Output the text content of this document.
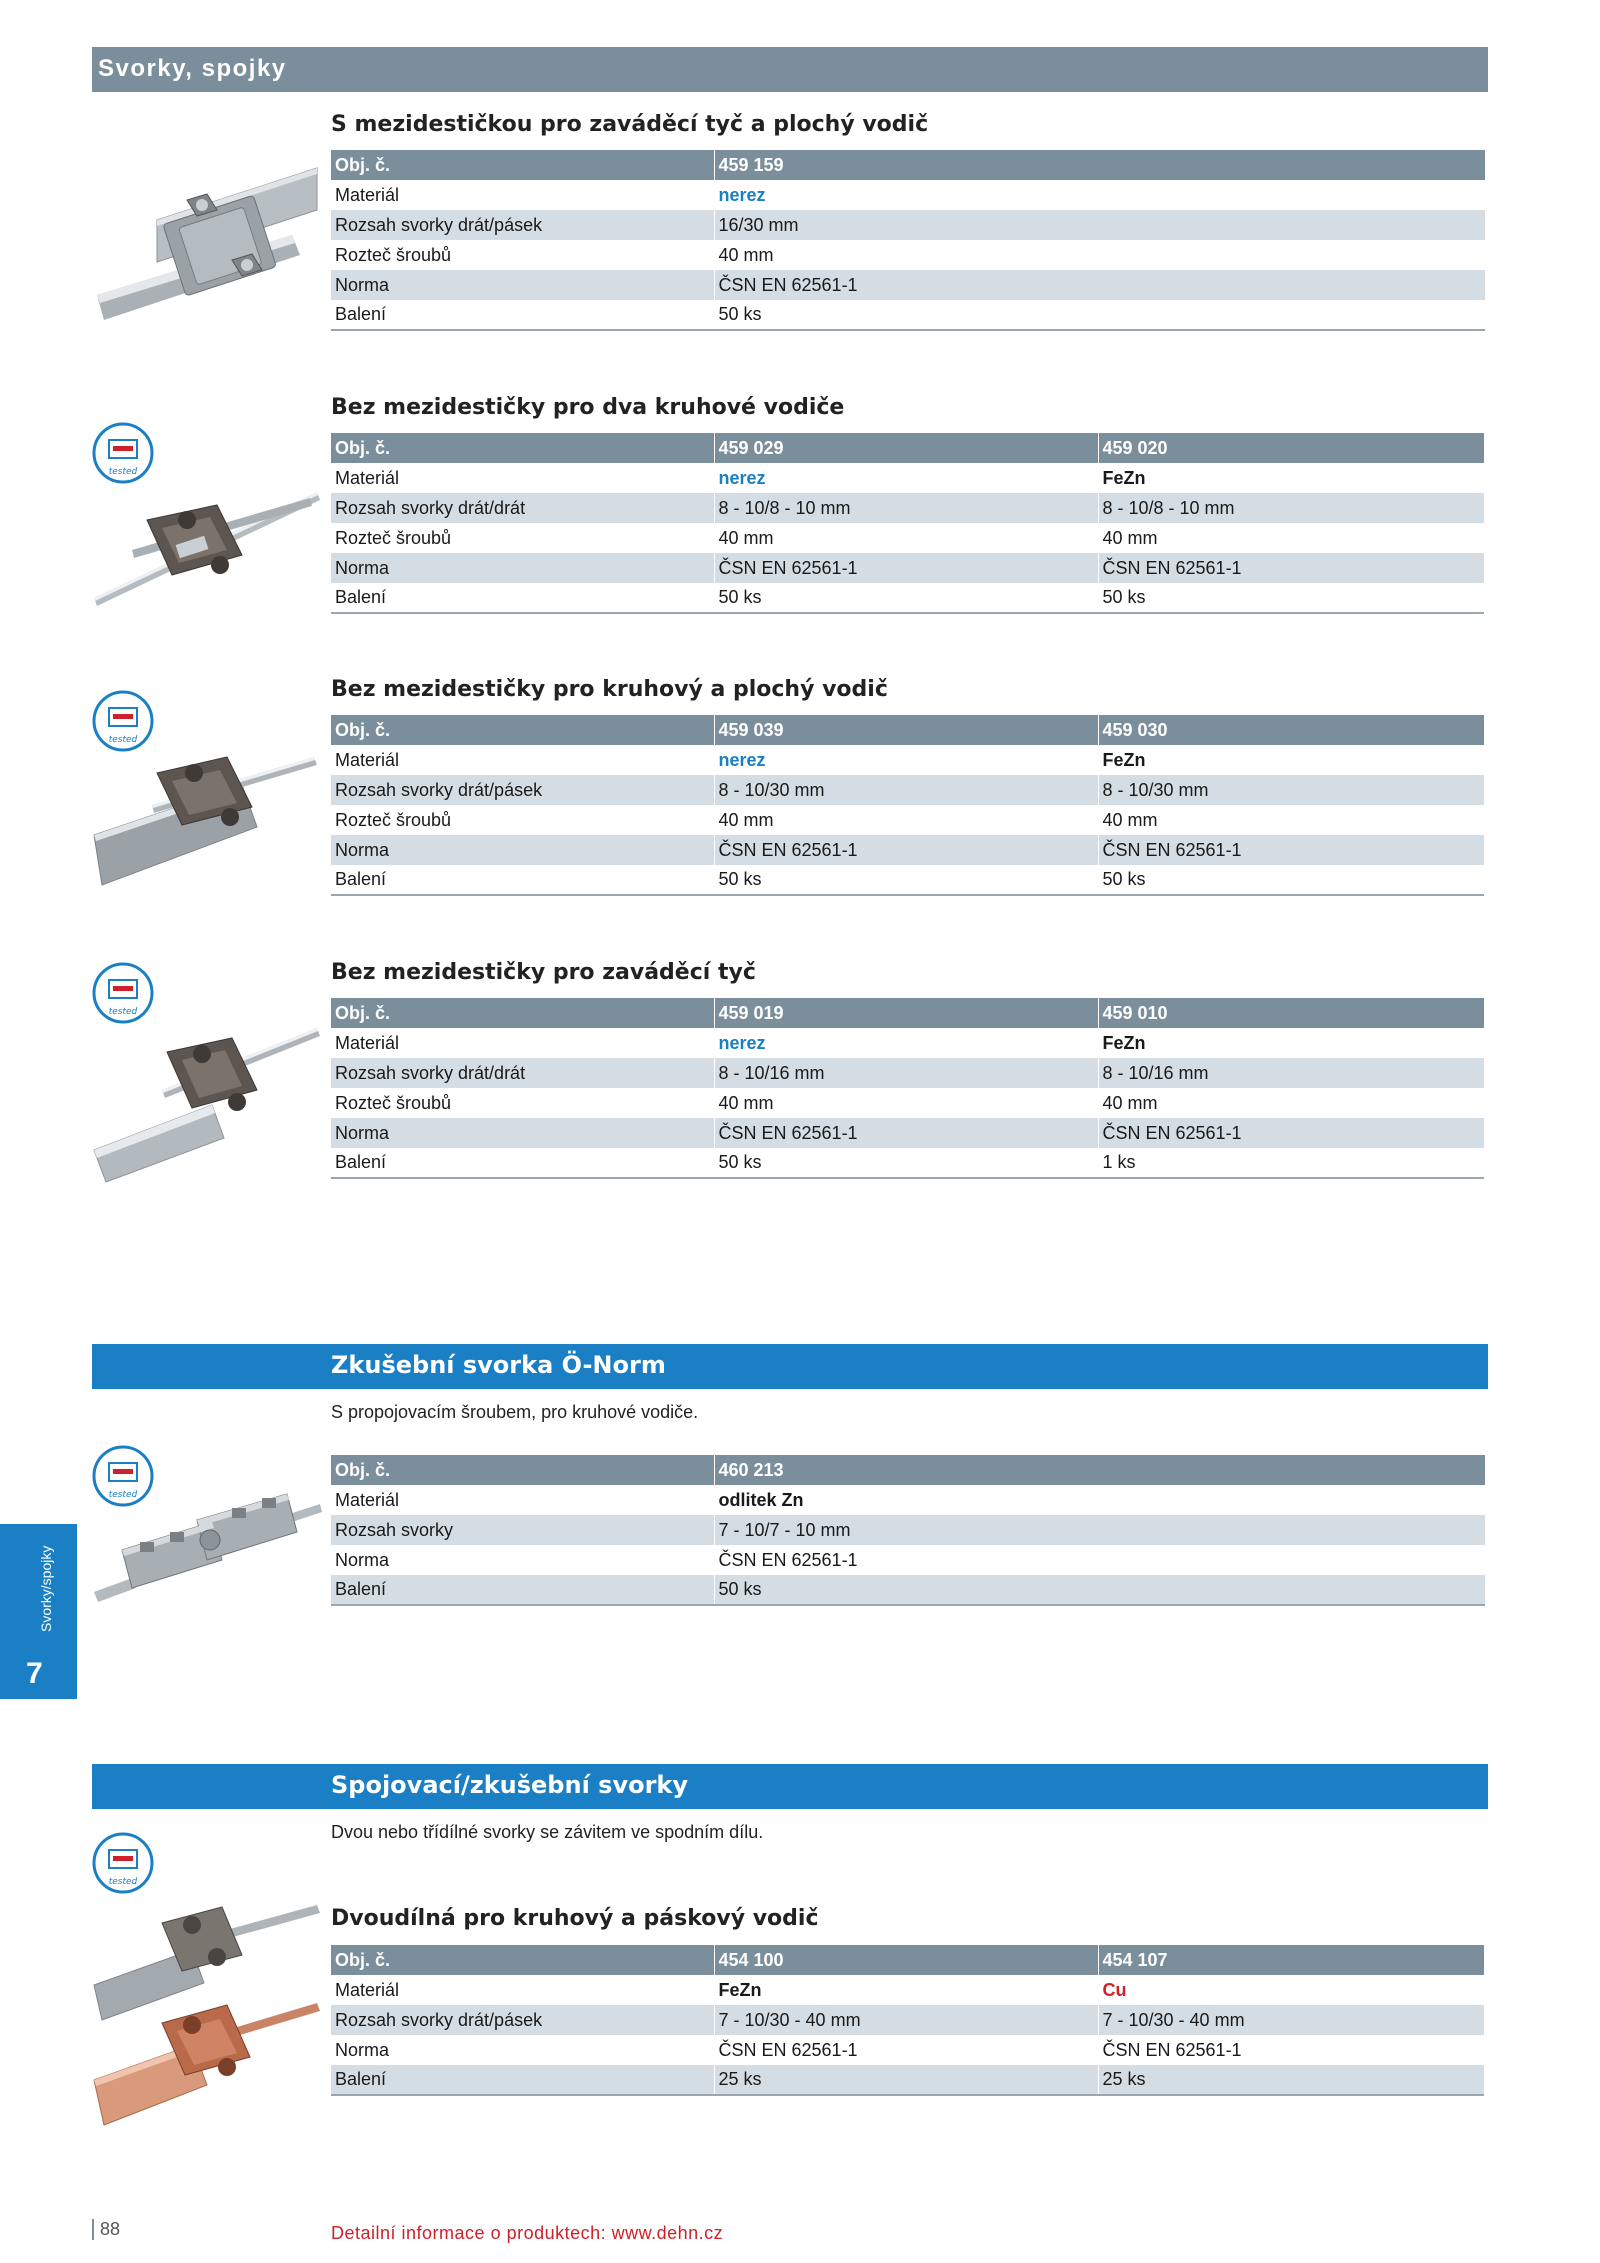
Svorky, spojky
S mezidestičkou pro zaváděcí tyč a plochý vodič
Obj. č.	459 159
Materiál	nerez
Rozsah svorky drát/pásek	16/30 mm
Rozteč šroubů	40 mm
Norma	ČSN EN 62561-1
Balení	50 ks
tested
Bez mezidestičky pro dva kruhové vodiče
Obj. č.	459 029	459 020
Materiál	nerez	FeZn
Rozsah svorky drát/drát	8 - 10/8 - 10 mm	8 - 10/8 - 10 mm
Rozteč šroubů	40 mm	40 mm
Norma	ČSN EN 62561-1	ČSN EN 62561-1
Balení	50 ks	50 ks
tested
Bez mezidestičky pro kruhový a plochý vodič
Obj. č.	459 039	459 030
Materiál	nerez	FeZn
Rozsah svorky drát/pásek	8 - 10/30 mm	8 - 10/30 mm
Rozteč šroubů	40 mm	40 mm
Norma	ČSN EN 62561-1	ČSN EN 62561-1
Balení	50 ks	50 ks
tested
Bez mezidestičky pro zaváděcí tyč
Obj. č.	459 019	459 010
Materiál	nerez	FeZn
Rozsah svorky drát/drát	8 - 10/16 mm	8 - 10/16 mm
Rozteč šroubů	40 mm	40 mm
Norma	ČSN EN 62561-1	ČSN EN 62561-1
Balení	50 ks	1 ks
Zkušební svorka Ö-Norm
S propojovacím šroubem, pro kruhové vodiče.
tested
Obj. č.	460 213
Materiál	odlitek Zn
Rozsah svorky	7 - 10/7 - 10 mm
Norma	ČSN EN 62561-1
Balení	50 ks
Svorky/spojky
7
Spojovací/zkušební svorky
Dvou nebo třídílné svorky se závitem ve spodním dílu.
tested
Dvoudílná pro kruhový a páskový vodič
Obj. č.	454 100	454 107
Materiál	FeZn	Cu
Rozsah svorky drát/pásek	7 - 10/30 - 40 mm	7 - 10/30 - 40 mm
Norma	ČSN EN 62561-1	ČSN EN 62561-1
Balení	25 ks	25 ks
88	Detailní informace o produktech: www.dehn.cz
